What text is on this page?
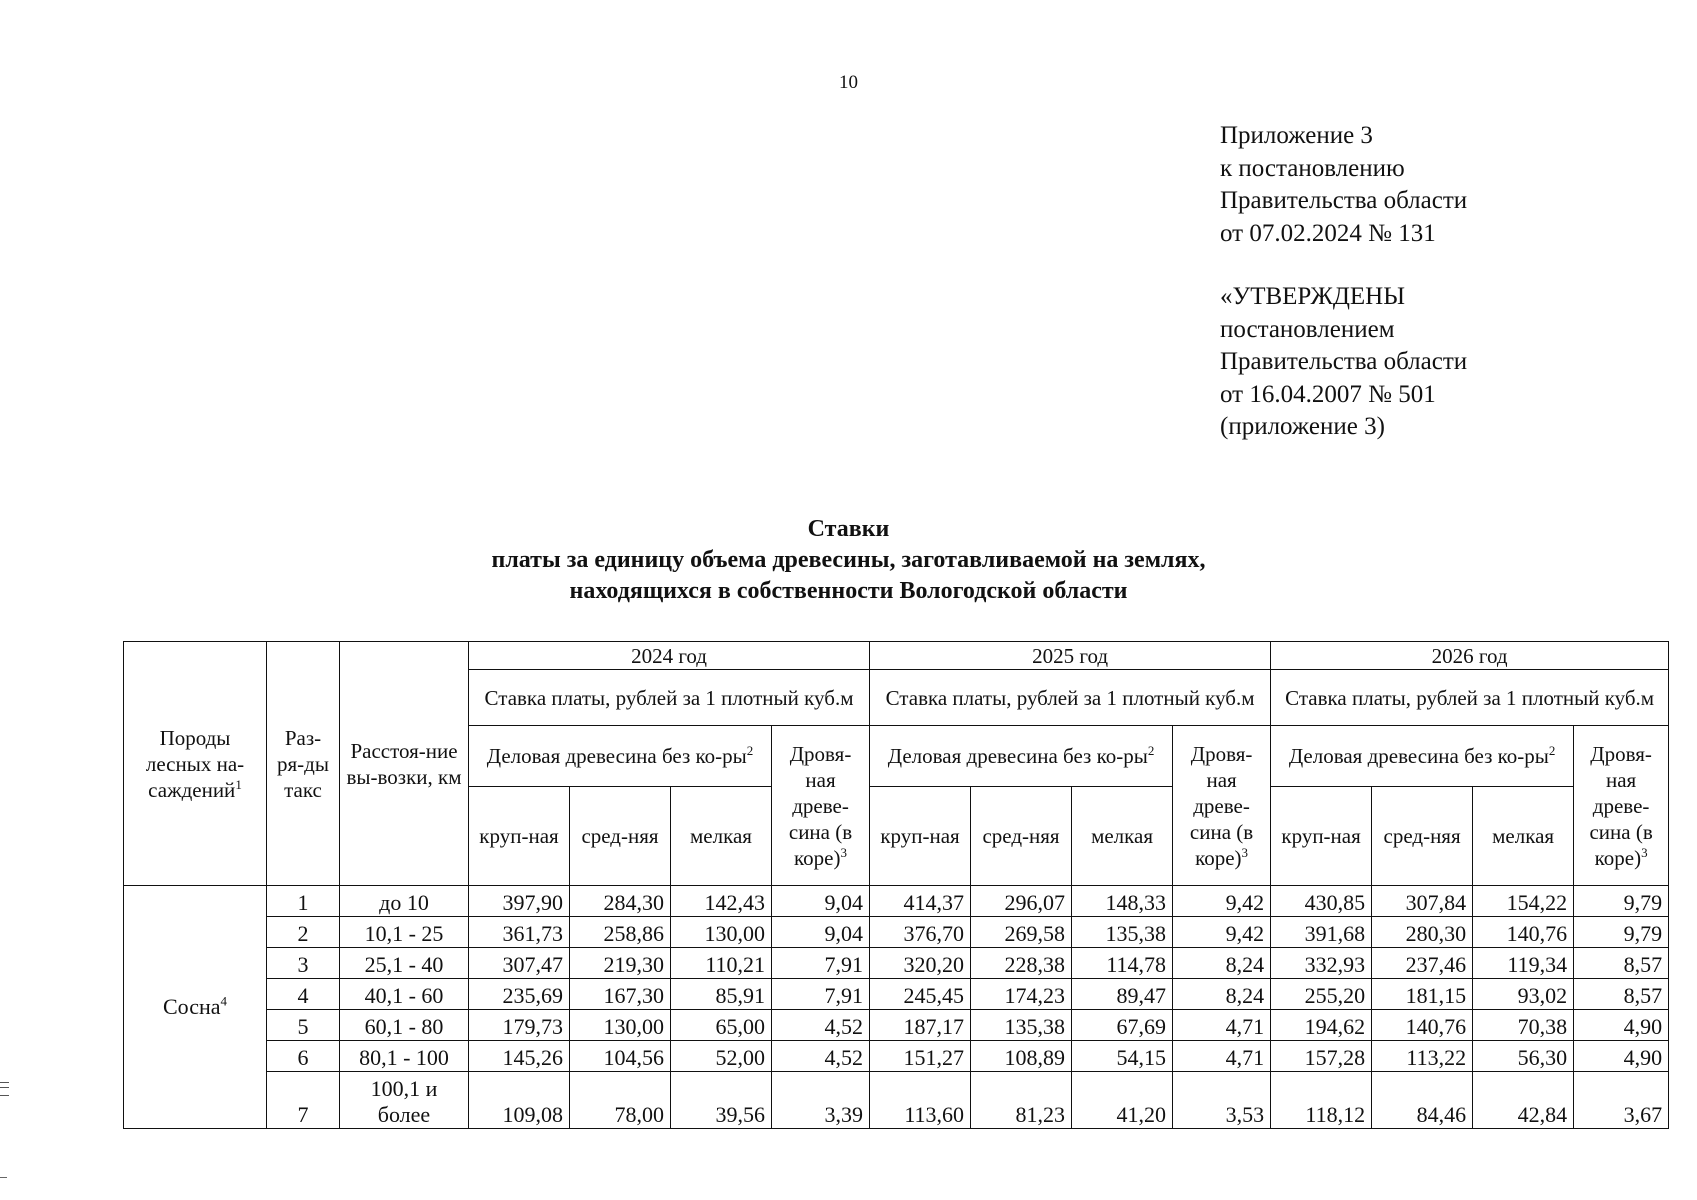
10
Приложение 3
к постановлению
Правительства области
от 07.02.2024 № 131
«УТВЕРЖДЕНЫ
постановлением
Правительства области
от 16.04.2007 № 501
(приложение 3)
Ставки
платы за единицу объема древесины, заготавливаемой на землях,
находящихся в собственности Вологодской области
Породы лесных на-саждений$^1$	Раз-ря-ды такс	Расстоя-ние вы-возки, км	2024 год				2025 год				2026 год			
			Ставка платы, рублей за 1 плотный куб.м				Ставка платы, рублей за 1 плотный куб.м				Ставка платы, рублей за 1 плотный куб.м			
			Деловая древесина без $ко-ры^2$			Дровя-ная древе-сина (в коре)$^3$	Деловая древесина без $ко-ры^2$			Дровя-ная древе-сина (в коре)$^3$	Деловая древесина без $ко-ры^2$			Дровя-ная древе-сина (в коре)$^3$
			круп-ная	сред-няя	мелкая		круп-ная	сред-няя	мелкая		круп-ная	сред-няя	мелкая	
Сосна$^4$	1	до 10	397,90	284,30	142,43	9,04	414,37	296,07	148,33	9,42	430,85	307,84	154,22	9,79
	2	10,1 - 25	361,73	258,86	130,00	9,04	376,70	269,58	135,38	9,42	391,68	280,30	140,76	9,79
	3	25,1 - 40	307,47	219,30	110,21	7,91	320,20	228,38	114,78	8,24	332,93	237,46	119,34	8,57
	4	40,1 - 60	235,69	167,30	85,91	7,91	245,45	174,23	89,47	8,24	255,20	181,15	93,02	8,57
	5	60,1 - 80	179,73	130,00	65,00	4,52	187,17	135,38	67,69	4,71	194,62	140,76	70,38	4,90
	6	80,1 - 100	145,26	104,56	52,00	4,52	151,27	108,89	54,15	4,71	157,28	113,22	56,30	4,90
	7	100,1 и более	109,08	78,00	39,56	3,39	113,60	81,23	41,20	3,53	118,12	84,46	42,84	3,67
